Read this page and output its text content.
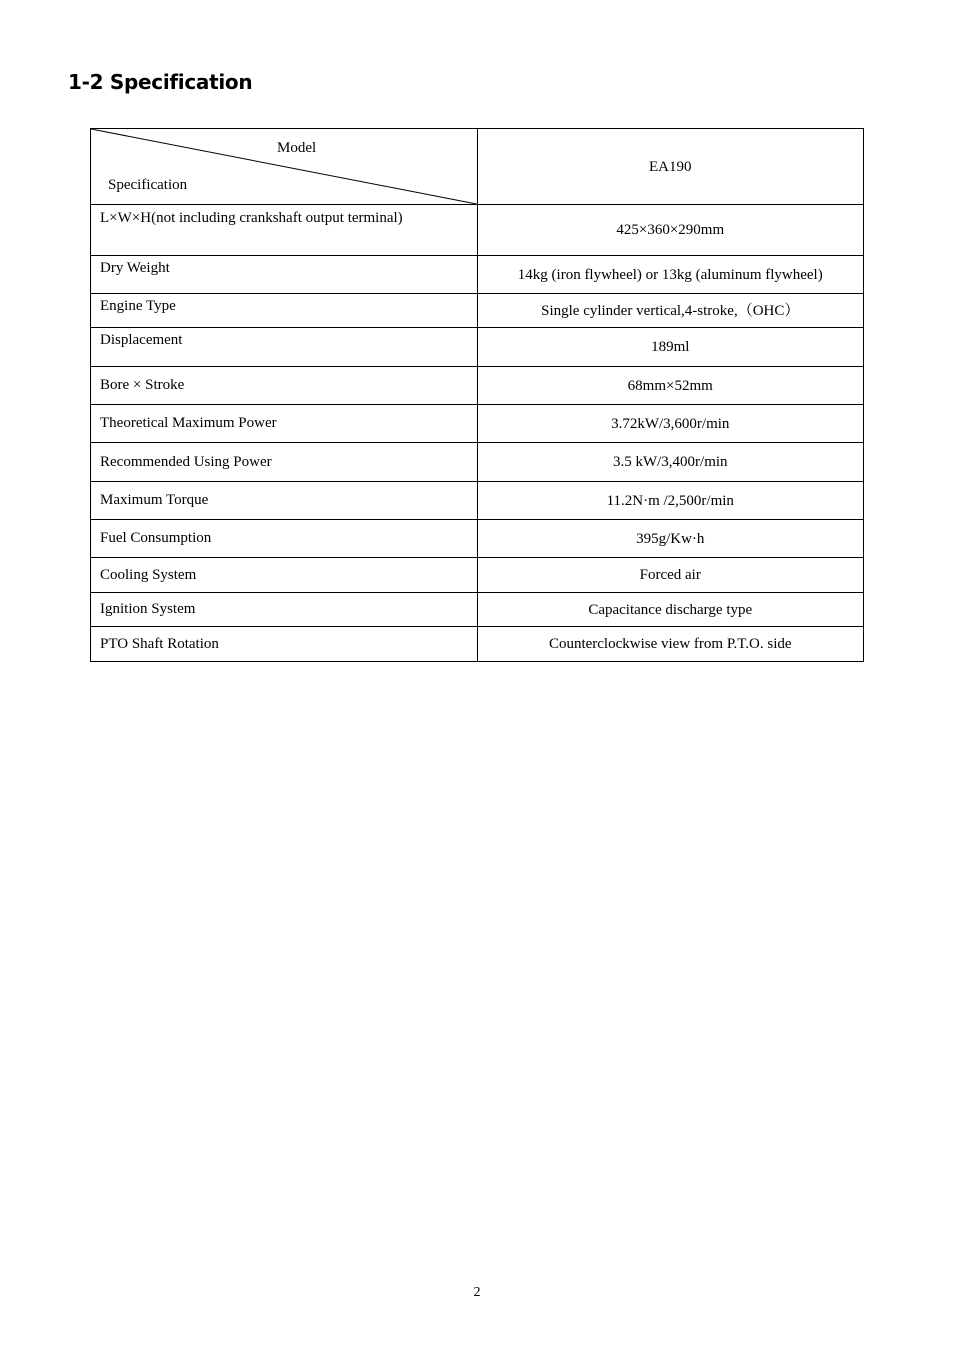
1-2 Specification
Model
Specification	EA190

L×W×H(not including crankshaft output terminal)	425×360×290mm
Dry Weight	14kg (iron flywheel) or 13kg (aluminum flywheel)
Engine Type	Single cylinder vertical,4-stroke,（OHC）
Displacement	189ml
Bore × Stroke	68mm×52mm
Theoretical Maximum Power	3.72kW/3,600r/min
Recommended Using Power	3.5 kW/3,400r/min
Maximum Torque	11.2N·m /2,500r/min
Fuel Consumption	395g/Kw·h
Cooling System	Forced air
Ignition System	Capacitance discharge type
PTO Shaft Rotation	Counterclockwise view from P.T.O. side
2
